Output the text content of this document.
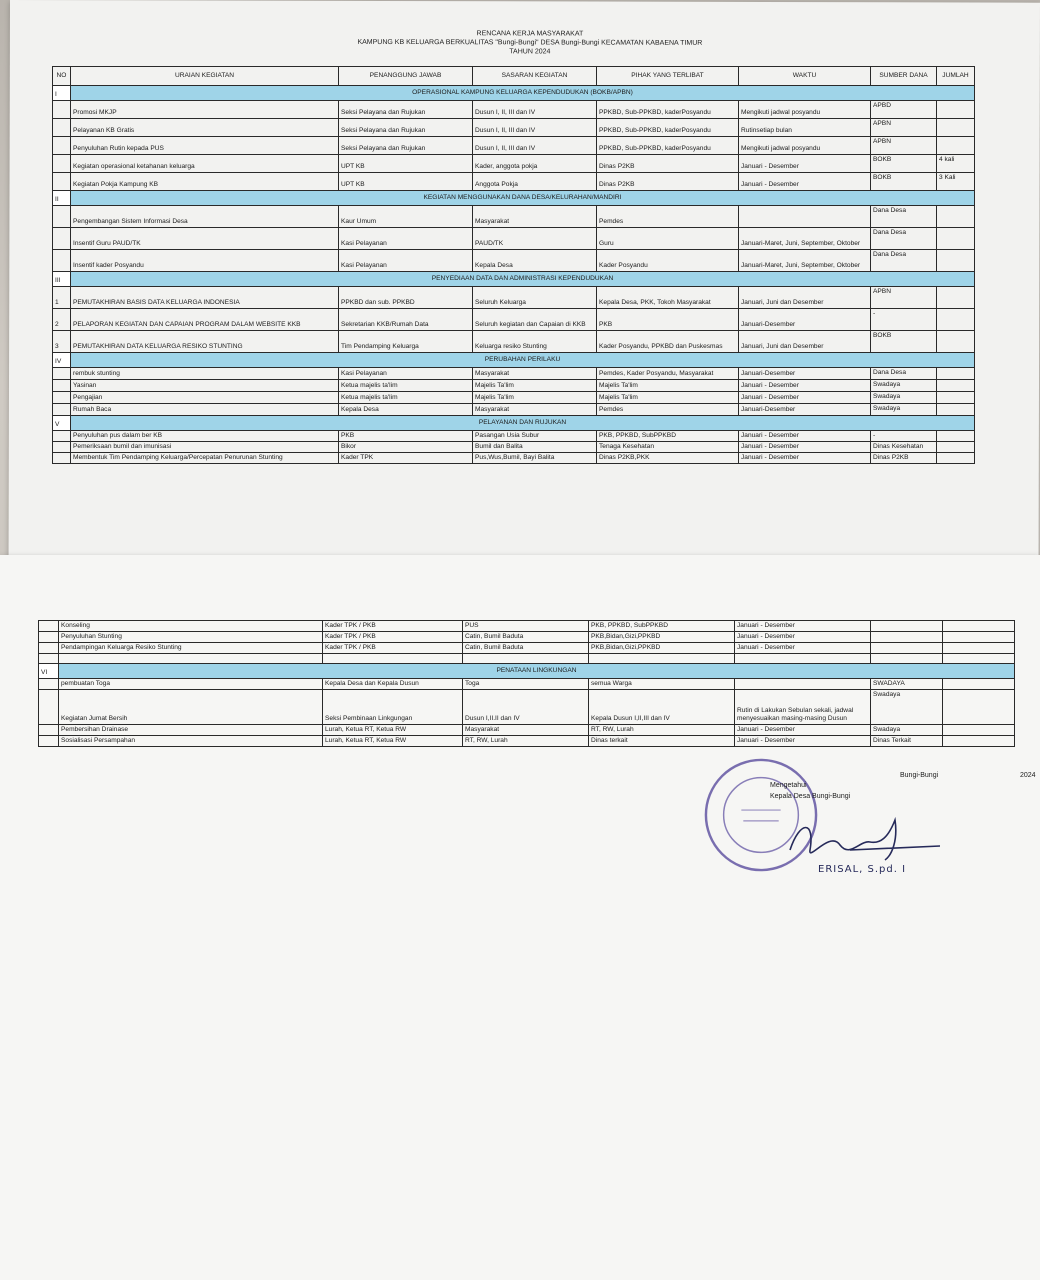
RENCANA KERJA MASYARAKAT
KAMPUNG KB KELUARGA BERKUALITAS "Bungi-Bungi" DESA Bungi-Bungi KECAMATAN KABAENA TIMUR
TAHUN 2024
NO	URAIAN KEGIATAN	PENANGGUNG JAWAB	SASARAN KEGIATAN	PIHAK YANG TERLIBAT	WAKTU	SUMBER DANA	JUMLAH
I	OPERASIONAL KAMPUNG KELUARGA KEPENDUDUKAN (BOKB/APBN)						
	Promosi MKJP	Seksi Pelayana dan Rujukan	Dusun I, II, III dan IV	PPKBD, Sub-PPKBD, kaderPosyandu	Mengikuti jadwal posyandu	APBD	
	Pelayanan KB Gratis	Seksi Pelayana dan Rujukan	Dusun I, II, III dan IV	PPKBD, Sub-PPKBD, kaderPosyandu	Rutinsetiap bulan	APBN	
	Penyuluhan Rutin kepada PUS	Seksi Pelayana dan Rujukan	Dusun I, II, III dan IV	PPKBD, Sub-PPKBD, kaderPosyandu	Mengikuti jadwal posyandu	APBN	
	Kegiatan operasional ketahanan keluarga	UPT KB	Kader, anggota pokja	Dinas P2KB	Januari - Desember	BOKB	4 kali
	Kegiatan Pokja Kampung KB	UPT KB	Anggota Pokja	Dinas P2KB	Januari - Desember	BOKB	3 Kali
II	KEGIATAN MENGGUNAKAN DANA DESA/KELURAHAN/MANDIRI						
	Pengembangan Sistem Informasi Desa	Kaur Umum	Masyarakat	Pemdes		Dana Desa	
	Insentif Guru PAUD/TK	Kasi Pelayanan	PAUD/TK	Guru	Januari-Maret, Juni, September, Oktober	Dana Desa	
	Insentif kader Posyandu	Kasi Pelayanan	Kepala Desa	Kader Posyandu	Januari-Maret, Juni, September, Oktober	Dana Desa	
III	PENYEDIAAN DATA DAN ADMINISTRASI KEPENDUDUKAN						
1	PEMUTAKHIRAN BASIS DATA KELUARGA INDONESIA	PPKBD dan sub. PPKBD	Seluruh Keluarga	Kepala Desa, PKK, Tokoh Masyarakat	Januari, Juni dan Desember	APBN	
2	PELAPORAN KEGIATAN DAN CAPAIAN PROGRAM DALAM WEBSITE KKB	Sekretarian KKB/Rumah Data	Seluruh kegiatan dan Capaian di KKB	PKB	Januari-Desember	-	
3	PEMUTAKHIRAN DATA KELUARGA RESIKO STUNTING	Tim Pendamping Keluarga	Keluarga resiko Stunting	Kader Posyandu, PPKBD dan Puskesmas	Januari, Juni dan Desember	BOKB	
IV	PERUBAHAN PERILAKU						
	rembuk stunting	Kasi Pelayanan	Masyarakat	Pemdes, Kader Posyandu, Masyarakat	Januari-Desember	Dana Desa	
	Yasinan	Ketua majelis ta'lim	Majelis Ta'lim	Majelis Ta'lim	Januari - Desember	Swadaya	
	Pengajian	Ketua majelis ta'lim	Majelis Ta'lim	Majelis Ta'lim	Januari - Desember	Swadaya	
	Rumah Baca	Kepala Desa	Masyarakat	Pemdes	Januari-Desember	Swadaya	
V	PELAYANAN DAN RUJUKAN						
	Penyuluhan pus dalam ber KB	PKB	Pasangan Usia Subur	PKB, PPKBD, SubPPKBD	Januari - Desember	-	
	Pemeriksaan bumil dan imunisasi	Bikor	Bumil dan Balita	Tenaga Kesehatan	Januari - Desember	Dinas Kesehatan	
	Membentuk Tim Pendamping Keluarga/Percepatan Penurunan Stunting	Kader TPK	Pus,Wus,Bumil, Bayi Balita	Dinas P2KB,PKK	Januari - Desember	Dinas P2KB	
	Konseling	Kader TPK / PKB	PUS	PKB, PPKBD, SubPPKBD	Januari - Desember		
	Penyuluhan Stunting	Kader TPK / PKB	Catin, Bumil Baduta	PKB,Bidan,Gizi,PPKBD	Januari - Desember		
	Pendampingan Keluarga Resiko Stunting	Kader TPK / PKB	Catin, Bumil Baduta	PKB,Bidan,Gizi,PPKBD	Januari - Desember		

VI	PENATAAN LINGKUNGAN						
	pembuatan Toga	Kepala Desa dan Kepala Dusun	Toga	semua Warga		SWADAYA	
	Kegiatan Jumat Bersih	Seksi Pembinaan Linkgungan	Dusun I,II.II dan IV	Kepala Dusun I,II,III dan IV	Rutin di Lakukan Sebulan sekali, jadwal menyesuaikan masing-masing Dusun	Swadaya	
	Pembersihan Drainase	Lurah, Ketua RT, Ketua RW	Masyarakat	RT, RW, Lurah	Januari - Desember	Swadaya	
	Sosialisasi Persampahan	Lurah, Ketua RT, Ketua RW	RT, RW, Lurah	Dinas terkait	Januari - Desember	Dinas Terkait	
Bungi-Bungi	2024
Mengetahui
Kepala Desa Bungi-Bungi
ERISAL, S.pd. I
